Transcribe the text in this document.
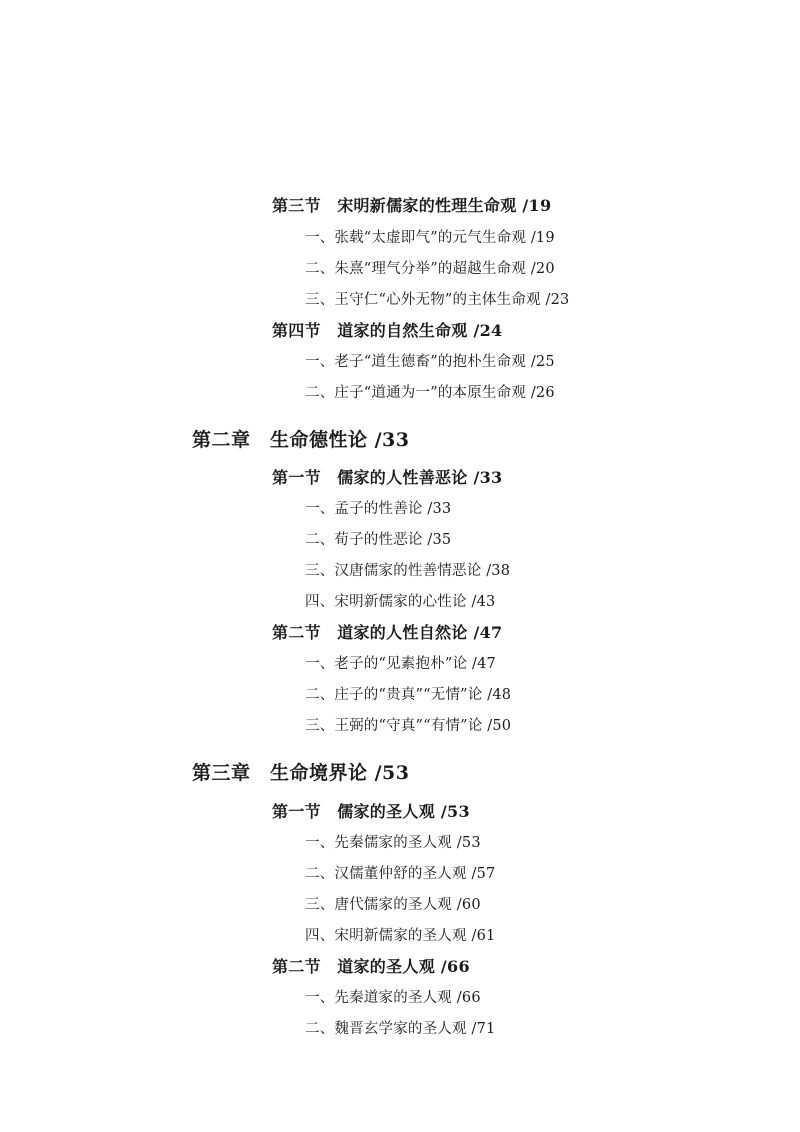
第三节　宋明新儒家的性理生命观 /19
一、张载“太虚即气”的元气生命观 /19
二、朱熹“理气分举”的超越生命观 /20
三、王守仁“心外无物”的主体生命观 /23
第四节　道家的自然生命观 /24
一、老子“道生德畜”的抱朴生命观 /25
二、庄子“道通为一”的本原生命观 /26
第二章　生命德性论 /33
第一节　儒家的人性善恶论 /33
一、孟子的性善论 /33
二、荀子的性恶论 /35
三、汉唐儒家的性善情恶论 /38
四、宋明新儒家的心性论 /43
第二节　道家的人性自然论 /47
一、老子的“见素抱朴”论 /47
二、庄子的“贵真”“无情”论 /48
三、王弼的“守真”“有情”论 /50
第三章　生命境界论 /53
第一节　儒家的圣人观 /53
一、先秦儒家的圣人观 /53
二、汉儒董仲舒的圣人观 /57
三、唐代儒家的圣人观 /60
四、宋明新儒家的圣人观 /61
第二节　道家的圣人观 /66
一、先秦道家的圣人观 /66
二、魏晋玄学家的圣人观 /71
